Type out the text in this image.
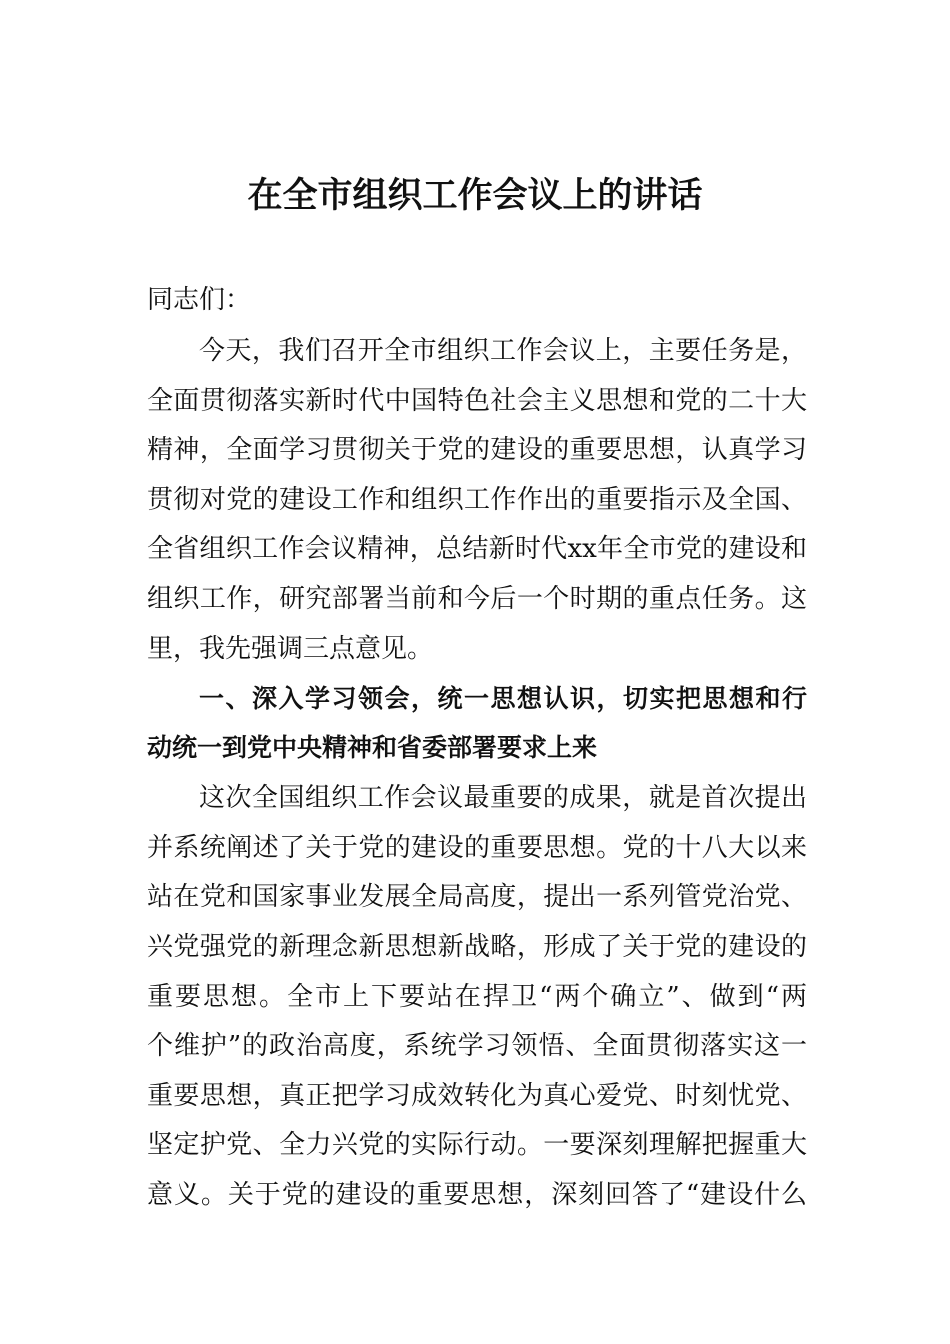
在全市组织工作会议上的讲话
同志们：
今天，我们召开全市组织工作会议上，主要任务是，
全面贯彻落实新时代中国特色社会主义思想和党的二十大
精神，全面学习贯彻关于党的建设的重要思想，认真学习
贯彻对党的建设工作和组织工作作出的重要指示及全国、
全省组织工作会议精神，总结新时代xx年全市党的建设和
组织工作，研究部署当前和今后一个时期的重点任务。这
里，我先强调三点意见。
一、深入学习领会，统一思想认识，切实把思想和行
动统一到党中央精神和省委部署要求上来
这次全国组织工作会议最重要的成果，就是首次提出
并系统阐述了关于党的建设的重要思想。党的十八大以来
站在党和国家事业发展全局高度，提出一系列管党治党、
兴党强党的新理念新思想新战略，形成了关于党的建设的
重要思想。全市上下要站在捍卫“两个确立”、做到“两
个维护”的政治高度，系统学习领悟、全面贯彻落实这一
重要思想，真正把学习成效转化为真心爱党、时刻忧党、
坚定护党、全力兴党的实际行动。一要深刻理解把握重大
意义。关于党的建设的重要思想，深刻回答了“建设什么
